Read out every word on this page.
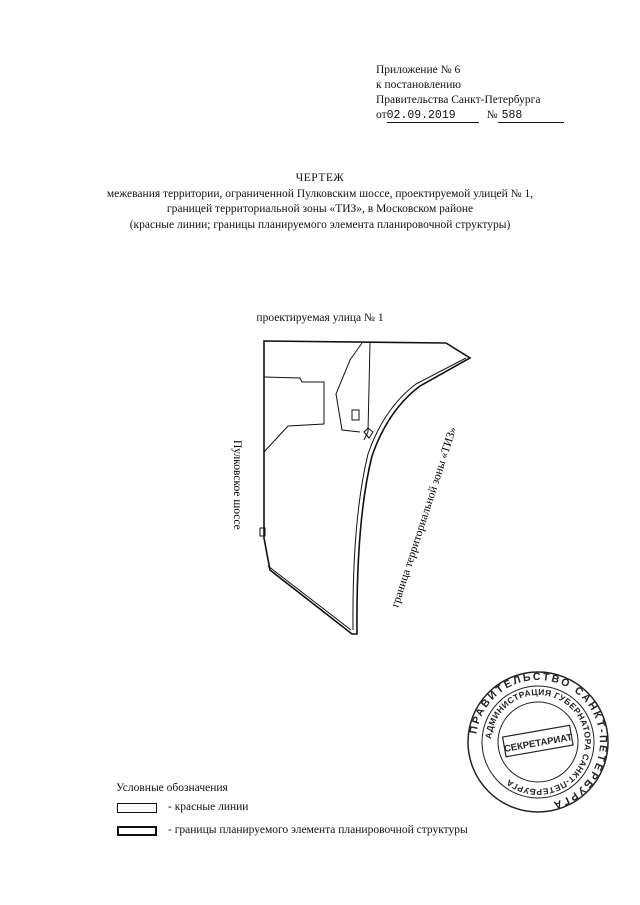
Приложение № 6
к постановлению
Правительства Санкт-Петербурга
от02.09.2019	№ 588
ЧЕРТЕЖ
межевания территории, ограниченной Пулковским шоссе, проектируемой улицей № 1,
границей территориальной зоны «ТИЗ», в Московском районе
(красные линии; границы планируемого элемента планировочной структуры)
проектируемая улица № 1
Пулковское шоссе	граница территориальной зоны «ТИЗ»
ПРАВИТЕЛЬСТВО САНКТ-ПЕТЕРБУРГА
АДМИНИСТРАЦИЯ ГУБЕРНАТОРА САНКТ-ПЕТЕРБУРГА
СЕКРЕТАРИАТ
Условные обозначения
- красные линии
- границы планируемого элемента планировочной структуры
